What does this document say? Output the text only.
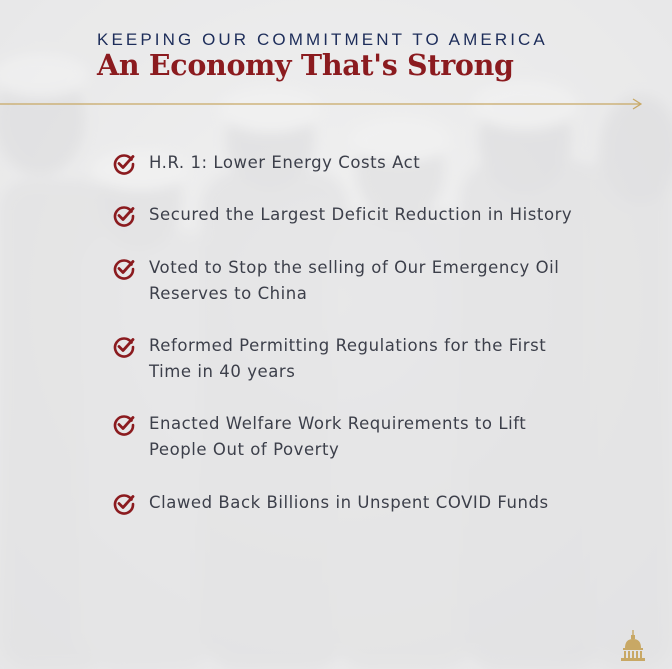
KEEPING OUR COMMITMENT TO AMERICA
An Economy That's Strong
H.R. 1: Lower Energy Costs Act
Secured the Largest Deficit Reduction in History
Voted to Stop the selling of Our Emergency Oil Reserves to China
Reformed Permitting Regulations for the First Time in 40 years
Enacted Welfare Work Requirements to Lift People Out of Poverty
Clawed Back Billions in Unspent COVID Funds
